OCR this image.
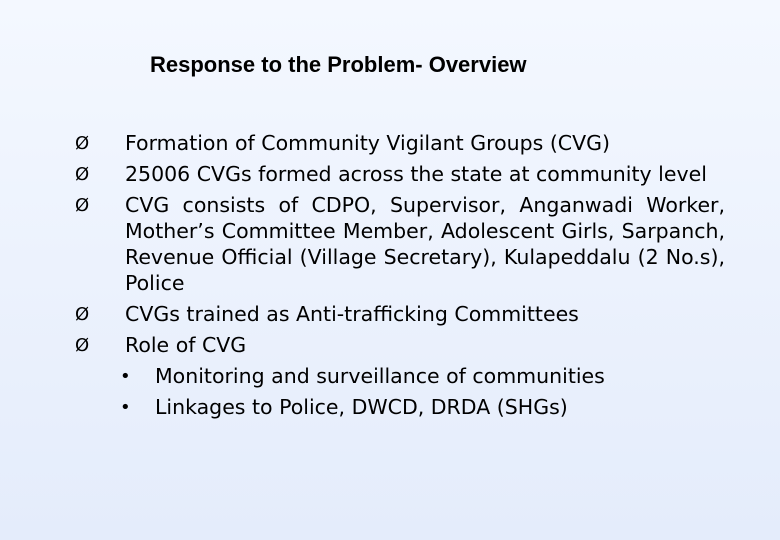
Response to the Problem- Overview
Ø	Formation of Community Vigilant Groups (CVG)
Ø	25006 CVGs formed across the state at community level
Ø	CVG consists of CDPO, Supervisor, Anganwadi Worker, Mother’s Committee Member, Adolescent Girls, Sarpanch, Revenue Official (Village Secretary), Kulapeddalu (2 No.s), Police
Ø	CVGs trained as Anti-trafficking Committees
Ø	Role of CVG
• Monitoring and surveillance of communities
• Linkages to Police, DWCD, DRDA (SHGs)
